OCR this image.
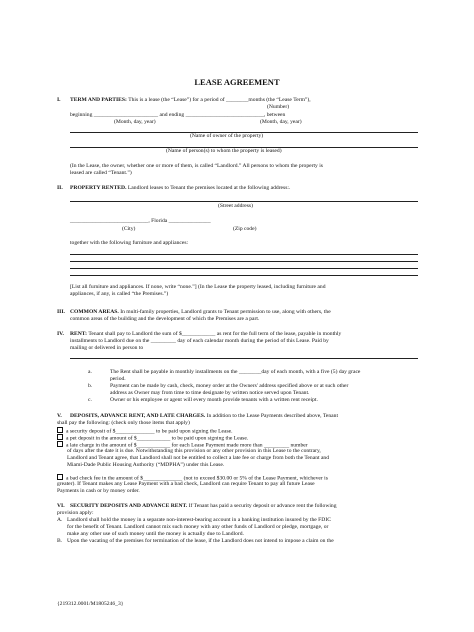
LEASE AGREEMENT
I. TERM AND PARTIES: This is a lease (the “Lease”) for a period of ________months (the “Lease Term”),
(Number)
beginning _______________________ and ending ____________________________, between
(Month, day, year)	(Month, day, year)
(Name of owner of the property)
(Name of person(s) to whom the property is leased)
(In the Lease, the owner, whether one or more of them, is called “Landlord.” All persons to whom the property is
leased are called “Tenant.”)
II. PROPERTY RENTED. Landlord leases to Tenant the premises located at the following address:.
(Street address)
____________________________, Florida _______________
(City)	(Zip code)
together with the following furniture and appliances:
[List all furniture and appliances. If none, write “none.”] (In the Lease the property leased, including furniture and
appliances, if any, is called “the Premises.”)
III. COMMON AREAS. In multi-family properties, Landlord grants to Tenant permission to use, along with others, the
common areas of the building and the development of which the Premises are a part.
IV. RENT: Tenant shall pay to Landlord the sum of $____________ as rent for the full term of the lease, payable in monthly
installments to Landlord due on the _________ day of each calendar month during the period of this Lease. Paid by
mailing or delivered in person to
a.	The Rent shall be payable in monthly installments on the ________day of each month, with a five (5) day grace
period.
b.	Payment can be made by cash, check, money order at the Owners' address specified above or at such other
address as Owner may from time to time designate by written notice served upon Tenant.
c.	Owner or his employee or agent will every month provide tenants with a written rent receipt.
V. DEPOSITS, ADVANCE RENT, AND LATE CHARGES. In addition to the Lease Payments described above, Tenant
shall pay the following: (check only those items that apply)
a security deposit of $______________ to be paid upon signing the Lease.
a pet deposit in the amount of $____________ to be paid upon signing the Lease.
a late charge in the amount of $____________ for each Lease Payment made more than _________ number
of days after the date it is due. Notwithstanding this provision or any other provision in this Lease to the contrary,
Landlord and Tenant agree, that Landlord shall not be entitled to collect a late fee or charge from both the Tenant and
Miami-Dade Public Housing Authority (“MDPHA”) under this Lease.
a bad check fee in the amount of $______________ (not to exceed $30.00 or 5% of the Lease Payment, whichever is
greater). If Tenant makes any Lease Payment with a bad check, Landlord can require Tenant to pay all future Lease
Payments in cash or by money order.
VI. SECURITY DEPOSITS AND ADVANCE RENT. If Tenant has paid a security deposit or advance rent the following
provision apply:
A. Landlord shall hold the money in a separate non-interest-bearing account in a banking institution insured by the FDIC
for the benefit of Tenant. Landlord cannot mix such money with any other funds of Landlord or pledge, mortgage, or
make any other use of such money until the money is actually due to Landlord.
B. Upon the vacating of the premises for termination of the lease, if the Landlord does not intend to impose a claim on the
{219312.0001/M1805246_3}
